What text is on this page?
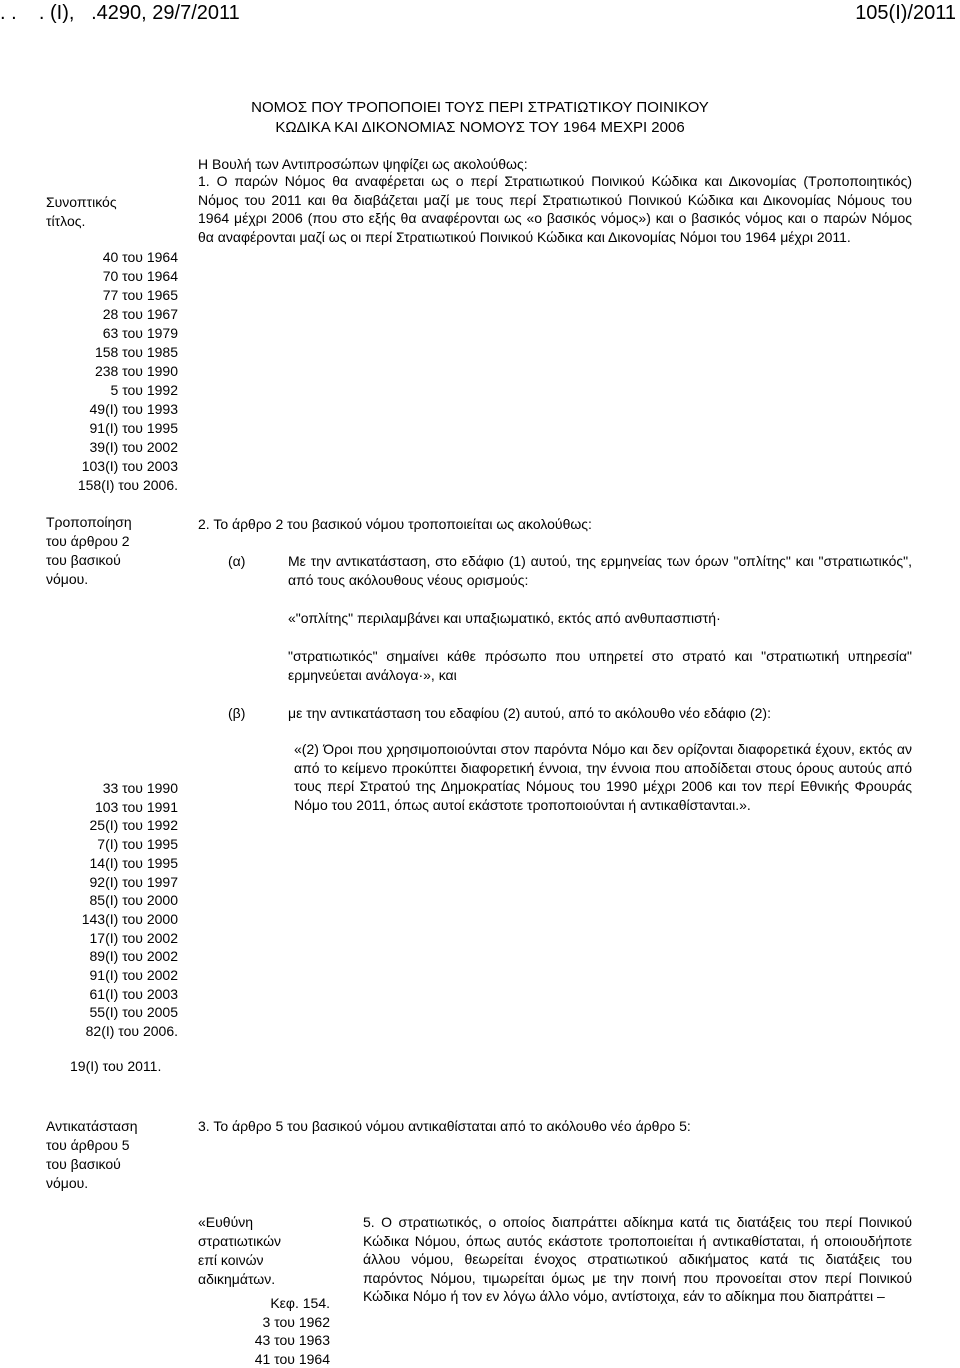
. .    . (Ι),   .4290, 29/7/2011	105(I)/2011
ΝΟΜΟΣ ΠΟΥ ΤΡΟΠΟΠΟΙΕΙ ΤΟΥΣ ΠΕΡΙ ΣΤΡΑΤΙΩΤΙΚΟΥ ΠΟΙΝΙΚΟΥ
ΚΩΔΙΚΑ ΚΑΙ ΔΙΚΟΝΟΜΙΑΣ ΝΟΜΟΥΣ ΤΟΥ 1964 ΜΕΧΡΙ 2006
Η Βουλή των Αντιπροσώπων ψηφίζει ως ακολούθως:
Συνοπτικός
τίτλος.
40 του 1964
70 του 1964
77 του 1965
28 του 1967
63 του 1979
158 του 1985
238 του 1990
5 του 1992
49(Ι) του 1993
91(Ι) του 1995
39(Ι) του 2002
103(Ι) του 2003
158(Ι) του 2006.
1. Ο παρών Νόμος θα αναφέρεται ως ο περί Στρατιωτικού Ποινικού Κώδικα και Δικονομίας (Τροποποιητικός) Νόμος του 2011 και θα διαβάζεται μαζί με τους περί Στρατιωτικού Ποινικού Κώδικα και Δικονομίας Νόμους του 1964 μέχρι 2006 (που στο εξής θα αναφέρονται ως «ο βασικός νόμος») και ο βασικός νόμος και ο παρών Νόμος θα αναφέρονται μαζί ως οι περί Στρατιωτικού Ποινικού Κώδικα και Δικονομίας Νόμοι του 1964 μέχρι 2011.
Τροποποίηση
του άρθρου 2
του βασικού
νόμου.
2. Το άρθρο 2 του βασικού νόμου τροποποιείται ως ακολούθως:
(α)	Με την αντικατάσταση, στο εδάφιο (1) αυτού, της ερμηνείας των όρων "οπλίτης" και "στρατιωτικός", από τους ακόλουθους νέους ορισμούς:
«"οπλίτης" περιλαμβάνει και υπαξιωματικό, εκτός από ανθυπασπιστή·
"στρατιωτικός" σημαίνει κάθε πρόσωπο που υπηρετεί στο στρατό και "στρατιωτική υπηρεσία" ερμηνεύεται ανάλογα·», και
(β)	με την αντικατάσταση του εδαφίου (2) αυτού, από το ακόλουθο νέο εδάφιο (2):
«(2) Όροι που χρησιμοποιούνται στον παρόντα Νόμο και δεν ορίζονται διαφορετικά έχουν, εκτός αν από το κείμενο προκύπτει διαφορετική έννοια, την έννοια που αποδίδεται στους όρους αυτούς από τους περί Στρατού της Δημοκρατίας Νόμους του 1990 μέχρι 2006 και τον περί Εθνικής Φρουράς Νόμο του 2011, όπως αυτοί εκάστοτε τροποποιούνται ή αντικαθίστανται.».
33 του 1990
103 του 1991
25(Ι) του 1992
7(Ι) του 1995
14(Ι) του 1995
92(Ι) του 1997
85(Ι) του 2000
143(Ι) του 2000
17(Ι) του 2002
89(Ι) του 2002
91(Ι) του 2002
61(Ι) του 2003
55(Ι) του 2005
82(Ι) του 2006.
19(Ι) του 2011.
Αντικατάσταση
του άρθρου 5
του βασικού
νόμου.
3. Το άρθρο 5 του βασικού νόμου αντικαθίσταται από το ακόλουθο νέο άρθρο 5:
«Ευθύνη
στρατιωτικών
επί κοινών
αδικημάτων.
Κεφ. 154.
3 του 1962
43 του 1963
41 του 1964
5. Ο στρατιωτικός, ο οποίος διαπράττει αδίκημα κατά τις διατάξεις του περί Ποινικού Κώδικα Νόμου, όπως αυτός εκάστοτε τροποποιείται ή αντικαθίσταται, ή οποιουδήποτε άλλου νόμου, θεωρείται ένοχος στρατιωτικού αδικήματος κατά τις διατάξεις του παρόντος Νόμου, τιμωρείται όμως με την ποινή που προνοείται στον περί Ποινικού Κώδικα Νόμο ή τον εν λόγω άλλο νόμο, αντίστοιχα, εάν το αδίκημα που διαπράττει –
